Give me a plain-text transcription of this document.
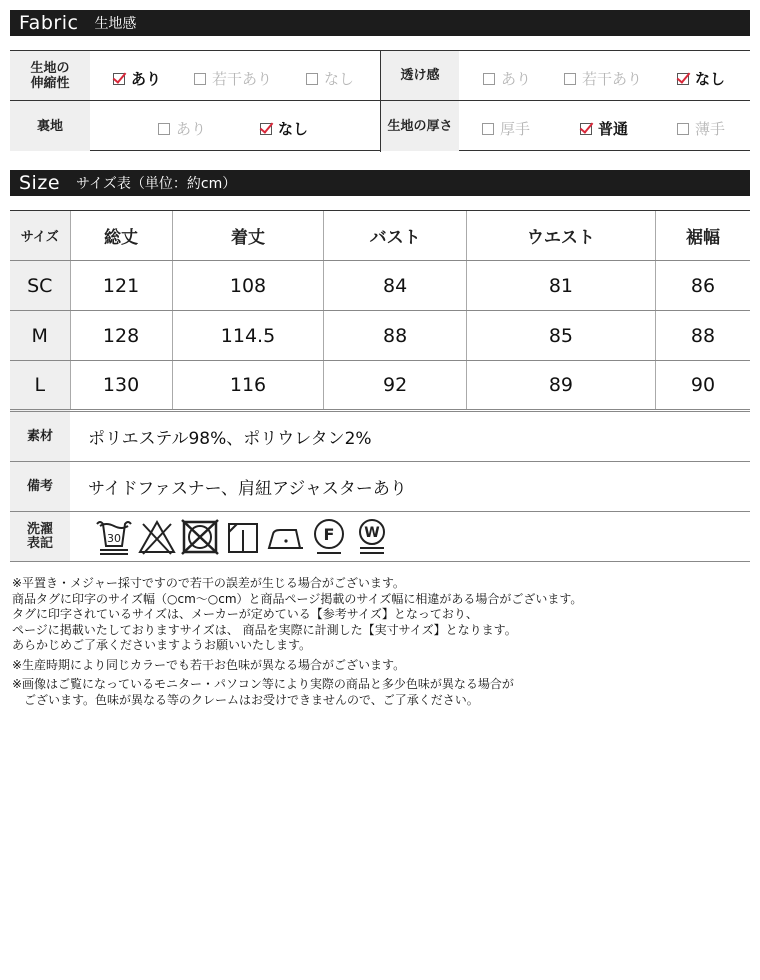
Fabric	生地感
生地の
伸縮性	あり	若干あり	なし	透け感	あり	若干あり	なし
裏地	あり	なし	生地の厚さ	厚手	普通	薄手
Size	サイズ表（単位：約cm）
サイズ	総丈	着丈	バスト	ウエスト	裾幅
SC	121	108	84	81	86
M	128	114.5	88	85	88
L	130	116	92	89	90
素材	ポリエステル98%、ポリウレタン2%
備考	サイドファスナー、肩紐アジャスターあり
洗濯
表記	30	F W

※平置き・メジャー採寸ですので若干の誤差が生じる場合がございます。

商品タグに印字のサイズ幅（○cm〜○cm）と商品ページ掲載のサイズ幅に相違がある場合がございます。

タグに印字されているサイズは、メーカーが定めている【参考サイズ】となっており、

ページに掲載いたしておりますサイズは、 商品を実際に計測した【実寸サイズ】となります。

あらかじめご了承くださいますようお願いいたします。

※生産時期により同じカラーでも若干お色味が異なる場合がございます。

※画像はご覧になっているモニター・パソコン等により実際の商品と多少色味が異なる場合が

　ございます。色味が異なる等のクレームはお受けできませんので、ご了承ください。
